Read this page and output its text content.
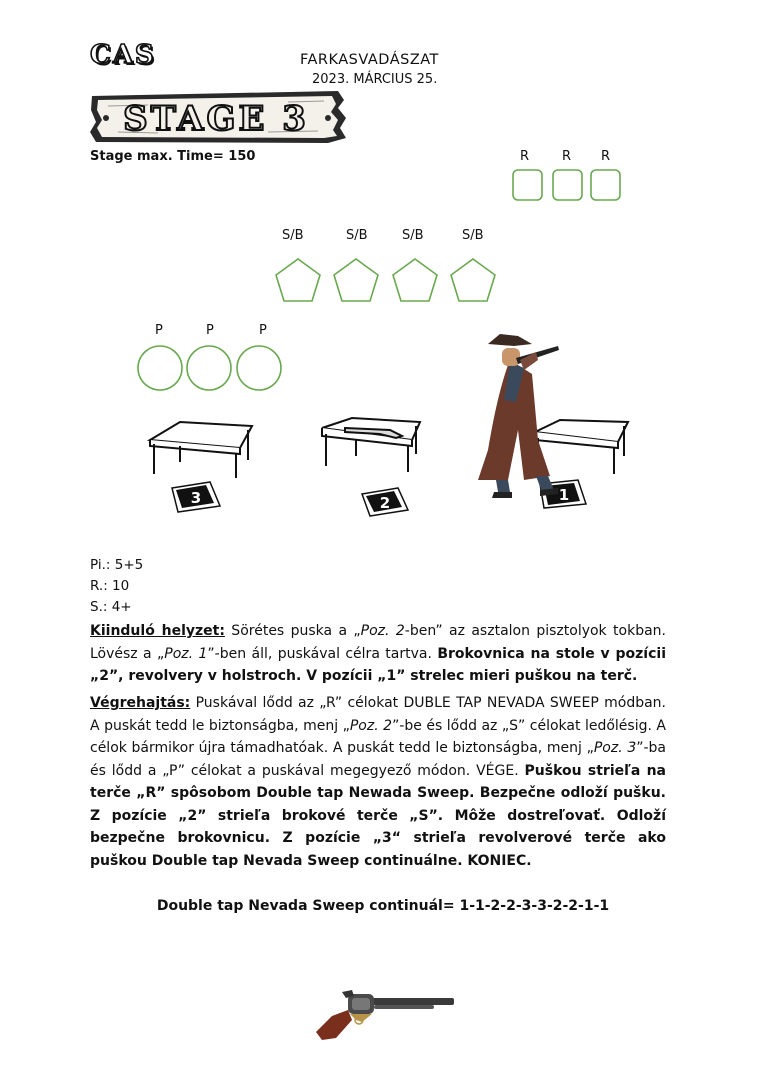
CAS	FARKASVADÁSZAT
2023. MÁRCIUS 25.
STAGE 3
Stage max. Time= 150	R	R R
S/B	S/B	S/B	S/B
P	P	P
3	2	1
Pi.: 5+5
R.: 10
S.: 4+

Kiinduló helyzet: Sörétes puska a „Poz. 2-ben” az asztalon pisztolyok tokban. Lövész a „Poz. 1”-ben áll, puskával célra tartva. Brokovnica na stole v pozícii „2”, revolvery v holstroch. V pozícii „1” strelec mieri puškou na terč.

Végrehajtás: Puskával lődd az „R” célokat DUBLE TAP NEVADA SWEEP módban. A puskát tedd le biztonságba, menj „Poz. 2”-be és lődd az „S” célokat ledőlésig. A célok bármikor újra támadhatóak. A puskát tedd le biztonságba, menj „Poz. 3”-ba és lődd a „P” célokat a puskával megegyező módon. VÉGE. Puškou strieľa na terče „R” spôsobom Double tap Newada Sweep. Bezpečne odloží pušku. Z pozície „2” strieľa brokové terče „S”. Môže dostreľovať. Odloží bezpečne brokovnicu. Z pozície „3“ strieľa revolverové terče ako puškou Double tap Nevada Sweep continuálne. KONIEC.

Double tap Nevada Sweep continuál= 1-1-2-2-3-3-2-2-1-1
